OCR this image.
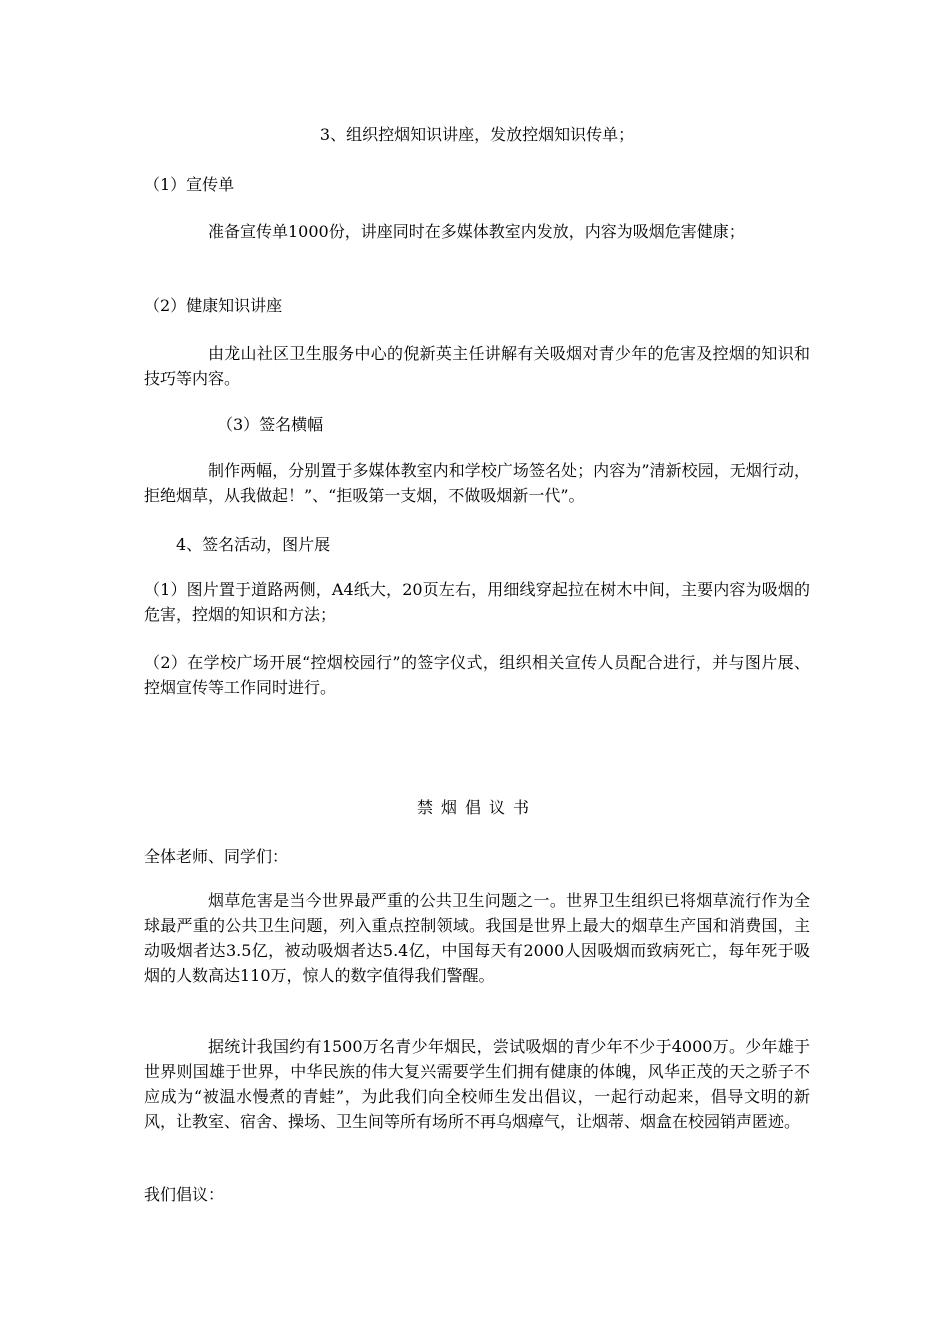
3、组织控烟知识讲座，发放控烟知识传单；

（1）宣传单

准备宣传单1000份，讲座同时在多媒体教室内发放，内容为吸烟危害健康；

（2）健康知识讲座

由龙山社区卫生服务中心的倪新英主任讲解有关吸烟对青少年的危害及控烟的知识和技巧等内容。

（3）签名横幅

制作两幅，分别置于多媒体教室内和学校广场签名处；内容为”清新校园，无烟行动，拒绝烟草，从我做起！”、“拒吸第一支烟，不做吸烟新一代”。

4、签名活动，图片展

（1）图片置于道路两侧，A4纸大，20页左右，用细线穿起拉在树木中间，主要内容为吸烟的危害，控烟的知识和方法；

（2）在学校广场开展“控烟校园行”的签字仪式，组织相关宣传人员配合进行，并与图片展、控烟宣传等工作同时进行。

禁烟倡议书

全体老师、同学们：

烟草危害是当今世界最严重的公共卫生问题之一。世界卫生组织已将烟草流行作为全球最严重的公共卫生问题，列入重点控制领域。我国是世界上最大的烟草生产国和消费国，主动吸烟者达3.5亿，被动吸烟者达5.4亿，中国每天有2000人因吸烟而致病死亡，每年死于吸烟的人数高达110万，惊人的数字值得我们警醒。

据统计我国约有1500万名青少年烟民，尝试吸烟的青少年不少于4000万。少年雄于世界则国雄于世界，中华民族的伟大复兴需要学生们拥有健康的体魄，风华正茂的天之骄子不应成为“被温水慢煮的青蛙”，为此我们向全校师生发出倡议，一起行动起来，倡导文明的新风，让教室、宿舍、操场、卫生间等所有场所不再乌烟瘴气，让烟蒂、烟盒在校园销声匿迹。

我们倡议：
